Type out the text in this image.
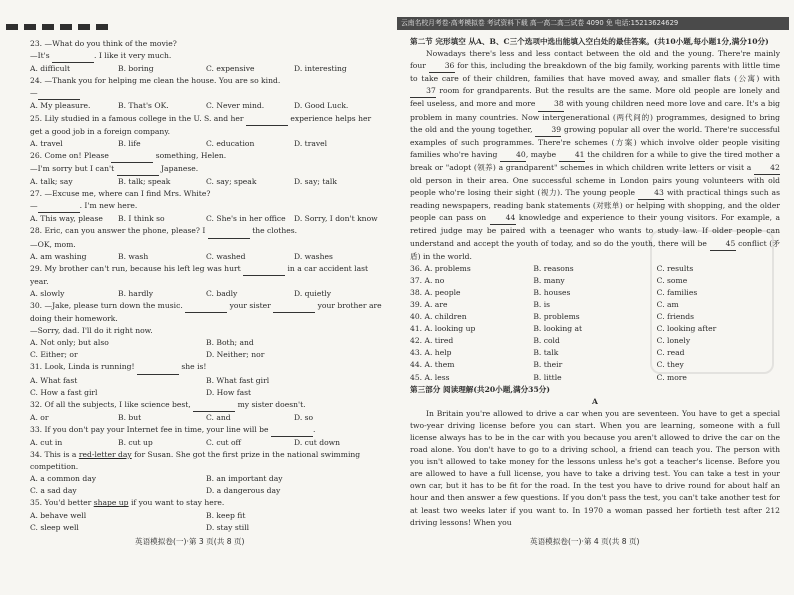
云南名校月考卷·高考模拟卷 考试资料下载 高一高二高三试卷 4090 免 电话:15213624629

23. —What do you think of the movie?

—It's	. I like it very much.

A. difficult	B. boring	C. expensive	D. interesting

24. —Thank you for helping me clean the house. You are so kind.

—

A. My pleasure.	B. That's OK.	C. Never mind.	D. Good Luck.

25. Lily studied in a famous college in the U. S. and her	experience helps her get a good job in a foreign company.

A. travel	B. life	C. education	D. travel

26. Come on! Please	something, Helen.

—I'm sorry but I can't	Japanese.

A. talk; say	B. talk; speak	C. say; speak	D. say; talk

27. —Excuse me, where can I find Mrs. White?

—	. I'm new here.

A. This way, please	B. I think so	C. She's in her office	D. Sorry, I don't know

28. Eric, can you answer the phone, please? I	the clothes.

—OK, mom.

A. am washing	B. wash	C. washed	D. washes

29. My brother can't run, because his left leg was hurt	in a car accident last year.

A. slowly	B. hardly	C. badly	D. quietly

30. —Jake, please turn down the music.	your sister	your brother are doing their homework.

—Sorry, dad. I'll do it right now.

A. Not only; but also	B. Both; and
C. Either; or	D. Neither; nor

31. Look, Linda is running!	she is!

A. What fast	B. What fast girl
C. How a fast girl	D. How fast

32. Of all the subjects, I like science best,	my sister doesn't.

A. or	B. but	C. and	D. so

33. If you don't pay your Internet fee in time, your line will be	.

A. cut in	B. cut up	C. cut off	D. cut down

34. This is a red-letter day for Susan. She got the first prize in the national swimming competition.

A. a common day	B. an important day
C. a sad day	D. a dangerous day

35. You'd better shape up if you want to stay here.

A. behave well	B. keep fit
C. sleep well	D. stay still

第二节 完形填空 从A、B、C三个选项中选出能填入空白处的最佳答案。(共10小题,每小题1分,满分10分)

Nowadays there's less and less contact between the old and the young. There're mainly four 36 for this, including the breakdown of the big family, working parents with little time to take care of their children, families that have moved away, and smaller flats (公寓) with 37 room for grandparents. But the results are the same. More old people are lonely and feel useless, and more and more 38 with young children need more love and care. It's a big problem in many countries. Now intergenerational (两代间的) programmes, designed to bring the old and the young together, 39 growing popular all over the world. There're successful examples of such programmes. There're schemes (方案) which involve older people visiting families who're having 40, maybe 41 the children for a while to give the tired mother a break or "adopt (领养) a grandparent" schemes in which children write letters or visit a 42 old person in their area. One successful scheme in London pairs young volunteers with old people who're losing their sight (视力). The young people 43 with practical things such as reading newspapers, reading bank statements (对账单) or helping with shopping, and the older people can pass on 44 knowledge and experience to their young visitors. For example, a retired judge may be paired with a teenager who wants to study law. If older people can understand and accept the youth of today, and so do the youth, there will be 45 conflict (矛盾) in the world.

36. A. problems	B. reasons	C. results
37. A. no	B. many	C. some
38. A. people	B. houses	C. families
39. A. are	B. is	C. am
40. A. children	B. problems	C. friends
41. A. looking up	B. looking at	C. looking after
42. A. tired	B. cold	C. lonely
43. A. help	B. talk	C. read
44. A. them	B. their	C. they
45. A. less	B. little	C. more

第三部分 阅读理解(共20小题,满分35分)

A

In Britain you're allowed to drive a car when you are seventeen. You have to get a special two-year driving license before you can start. When you are learning, someone with a full license always has to be in the car with you because you aren't allowed to drive the car on the road alone. You don't have to go to a driving school, a friend can teach you. The person with you isn't allowed to take money for the lessons unless he's got a teacher's license. Before you are allowed to have a full license, you have to take a driving test. You can take a test in your own car, but it has to be fit for the road. In the test you have to drive round for about half an hour and then answer a few questions. If you don't pass the test, you can't take another test for at least two weeks later if you want to. In 1970 a woman passed her fortieth test after 212 driving lessons! When you

英语模拟卷(一)·第 3 页(共 8 页)	英语模拟卷(一)·第 4 页(共 8 页)
